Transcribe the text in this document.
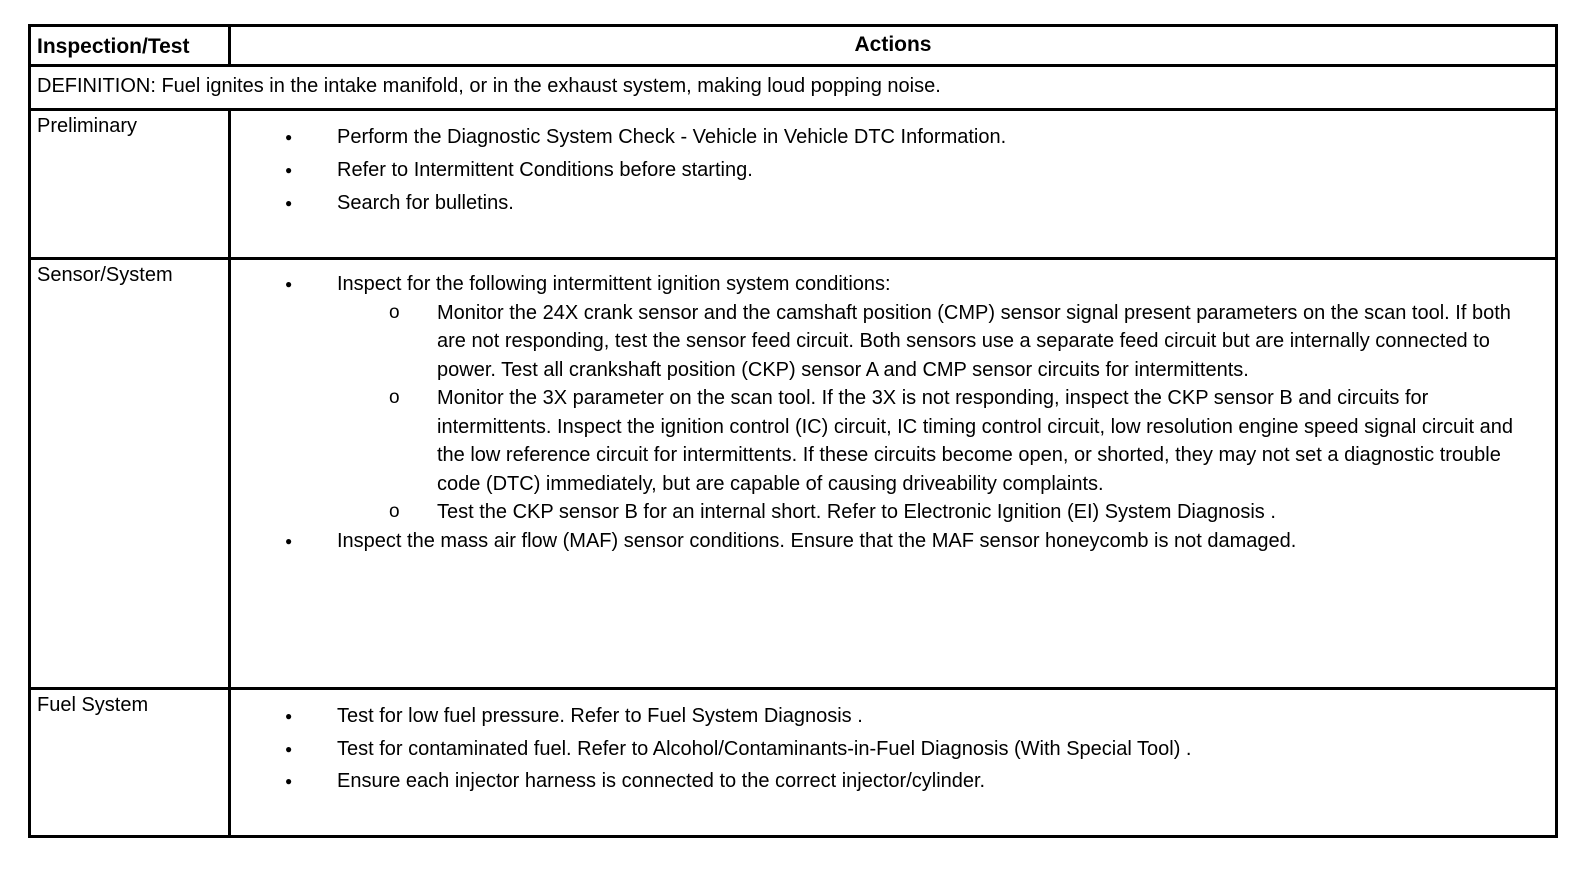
Inspection/Test	Actions
DEFINITION: Fuel ignites in the intake manifold, or in the exhaust system, making loud popping noise.
Preliminary	● Perform the Diagnostic System Check - Vehicle in Vehicle DTC Information.
● Refer to Intermittent Conditions before starting.
● Search for bulletins.
Sensor/System	● Inspect for the following intermittent ignition system conditions:
o Monitor the 24X crank sensor and the camshaft position (CMP) sensor signal present parameters on the scan tool. If both are not responding, test the sensor feed circuit. Both sensors use a separate feed circuit but are internally connected to power. Test all crankshaft position (CKP) sensor A and CMP sensor circuits for intermittents.
o Monitor the 3X parameter on the scan tool. If the 3X is not responding, inspect the CKP sensor B and circuits for intermittents. Inspect the ignition control (IC) circuit, IC timing control circuit, low resolution engine speed signal circuit and the low reference circuit for intermittents. If these circuits become open, or shorted, they may not set a diagnostic trouble code (DTC) immediately, but are capable of causing driveability complaints.
o Test the CKP sensor B for an internal short. Refer to Electronic Ignition (EI) System Diagnosis .
● Inspect the mass air flow (MAF) sensor conditions. Ensure that the MAF sensor honeycomb is not damaged.
Fuel System	● Test for low fuel pressure. Refer to Fuel System Diagnosis .
● Test for contaminated fuel. Refer to Alcohol/Contaminants-in-Fuel Diagnosis (With Special Tool) .
● Ensure each injector harness is connected to the correct injector/cylinder.
